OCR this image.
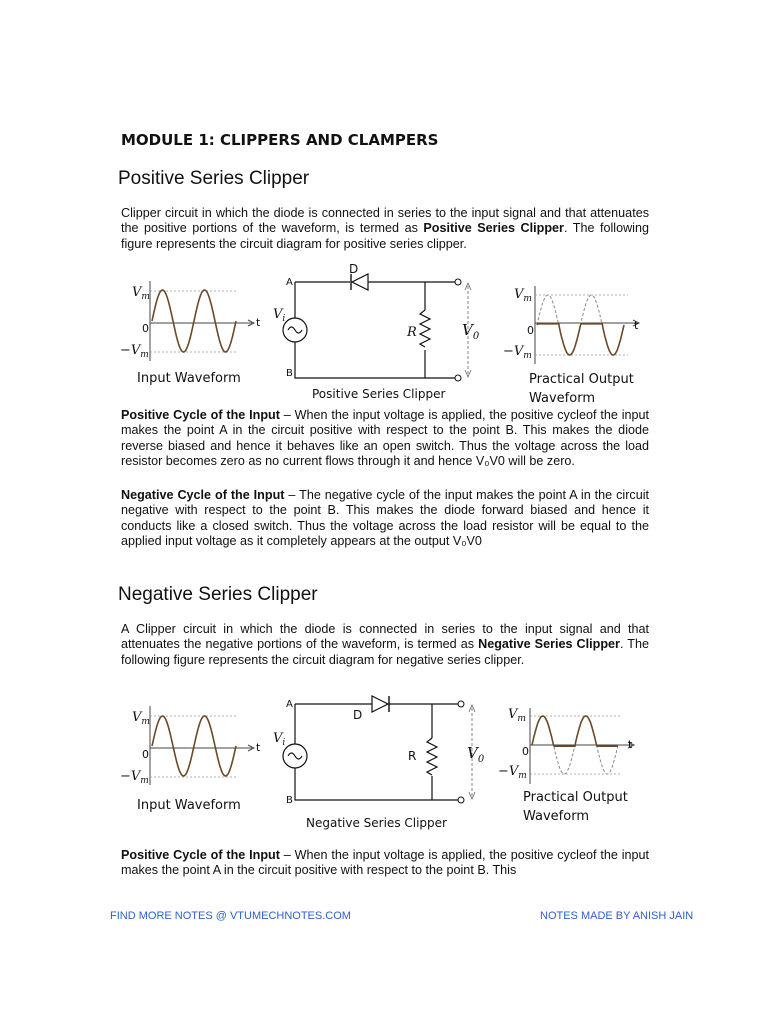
MODULE 1: CLIPPERS AND CLAMPERS
Positive Series Clipper
Clipper circuit in which the diode is connected in series to the input signal and that attenuates the positive portions of the waveform, is termed as Positive Series Clipper. The following figure represents the circuit diagram for positive series clipper.
$V_m$
0	t
$-V_m$
Input Waveform
A
B
D
$V_i$
R	$V_0$
Positive Series Clipper
$V_m$
0	t
$-V_m$
Practical Output
Waveform
Positive Cycle of the Input – When the input voltage is applied, the positive cycleof the input makes the point A in the circuit positive with respect to the point B. This makes the diode reverse biased and hence it behaves like an open switch. Thus the voltage across the load resistor becomes zero as no current flows through it and hence V₀V0 will be zero.
Negative Cycle of the Input – The negative cycle of the input makes the point A in the circuit negative with respect to the point B. This makes the diode forward biased and hence it conducts like a closed switch. Thus the voltage across the load resistor will be equal to the applied input voltage as it completely appears at the output V₀V0
Negative Series Clipper
A Clipper circuit in which the diode is connected in series to the input signal and that attenuates the negative portions of the waveform, is termed as Negative Series Clipper. The following figure represents the circuit diagram for negative series clipper.
$V_m$
0
t
$-V_m$
Input Waveform
A
B
D
$V_i$
R	$V_0$
Negative Series Clipper
$V_m$
0
t
$-V_m$
Practical Output
Waveform
Positive Cycle of the Input – When the input voltage is applied, the positive cycleof the input makes the point A in the circuit positive with respect to the point B. This
FIND MORE NOTES @ VTUMECHNOTES.COM	NOTES MADE BY ANISH JAIN
